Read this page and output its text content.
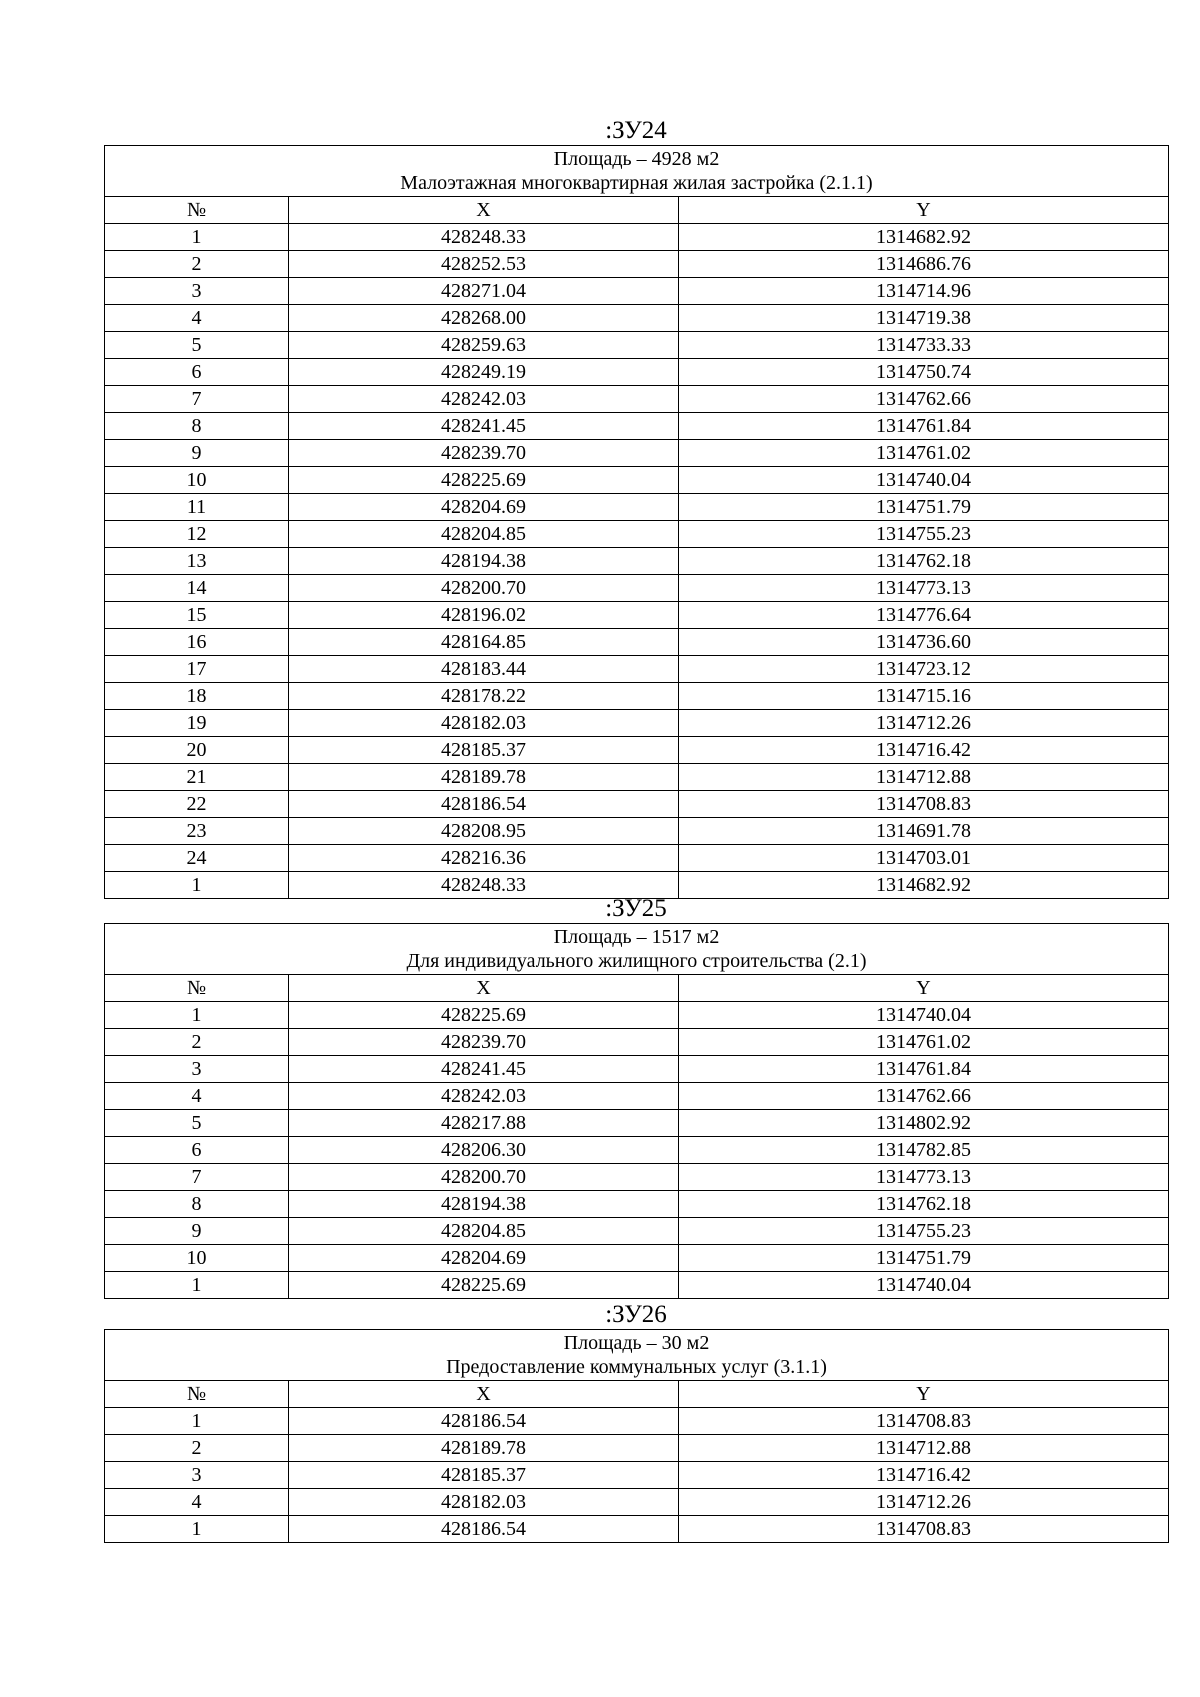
:ЗУ24
Площадь – 4928 м2
Малоэтажная многоквартирная жилая застройка (2.1.1)		

№	X	Y
1	428248.33	1314682.92
2	428252.53	1314686.76
3	428271.04	1314714.96
4	428268.00	1314719.38
5	428259.63	1314733.33
6	428249.19	1314750.74
7	428242.03	1314762.66
8	428241.45	1314761.84
9	428239.70	1314761.02
10	428225.69	1314740.04
11	428204.69	1314751.79
12	428204.85	1314755.23
13	428194.38	1314762.18
14	428200.70	1314773.13
15	428196.02	1314776.64
16	428164.85	1314736.60
17	428183.44	1314723.12
18	428178.22	1314715.16
19	428182.03	1314712.26
20	428185.37	1314716.42
21	428189.78	1314712.88
22	428186.54	1314708.83
23	428208.95	1314691.78
24	428216.36	1314703.01
1	428248.33	1314682.92
:ЗУ25
Площадь – 1517 м2
Для индивидуального жилищного строительства (2.1)		

№	X	Y
1	428225.69	1314740.04
2	428239.70	1314761.02
3	428241.45	1314761.84
4	428242.03	1314762.66
5	428217.88	1314802.92
6	428206.30	1314782.85
7	428200.70	1314773.13
8	428194.38	1314762.18
9	428204.85	1314755.23
10	428204.69	1314751.79
1	428225.69	1314740.04
:ЗУ26
Площадь – 30 м2
Предоставление коммунальных услуг (3.1.1)		

№	X	Y
1	428186.54	1314708.83
2	428189.78	1314712.88
3	428185.37	1314716.42
4	428182.03	1314712.26
1	428186.54	1314708.83
